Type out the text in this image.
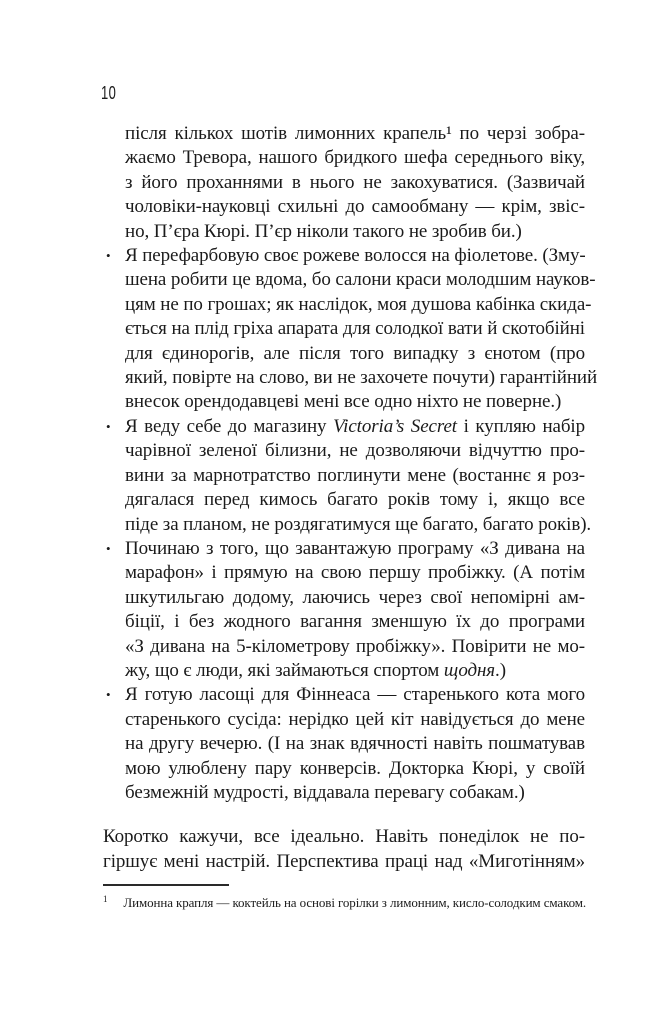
10
після кількох шотів лимонних крапель¹ по черзі зобра-
жаємо Тревора, нашого бридкого шефа середнього віку,
з його проханнями в нього не закохуватися. (Зазвичай
чоловіки-науковці схильні до самообману — крім, звіс-
но, П’єра Кюрі. П’єр ніколи такого не зробив би.)
• Я перефарбовую своє рожеве волосся на фіолетове. (Зму-
шена робити це вдома, бо салони краси молодшим науков-
цям не по грошах; як наслідок, моя душова кабінка скида-
ється на плід гріха апарата для солодкої вати й скотобійні
для єдинорогів, але після того випадку з єнотом (про
який, повірте на слово, ви не захочете почути) гарантійний
внесок орендодавцеві мені все одно ніхто не поверне.)
• Я веду себе до магазину Victoria’s Secret і купляю набір
чарівної зеленої білизни, не дозволяючи відчуттю про-
вини за марнотратство поглинути мене (востаннє я роз-
дягалася перед кимось багато років тому і, якщо все
піде за планом, не роздягатимуся ще багато, багато років).
• Починаю з того, що завантажую програму «З дивана на
марафон» і прямую на свою першу пробіжку. (А потім
шкутильгаю додому, лаючись через свої непомірні ам-
біції, і без жодного вагання зменшую їх до програми
«З дивана на 5-кілометрову пробіжку». Повірити не мо-
жу, що є люди, які займаються спортом щодня.)
• Я готую ласощі для Фіннеаса — старенького кота мого
старенького сусіда: нерідко цей кіт навідується до мене
на другу вечерю. (І на знак вдячності навіть пошматував
мою улюблену пару конверсів. Докторка Кюрі, у своїй
безмежній мудрості, віддавала перевагу собакам.)
Коротко кажучи, все ідеально. Навіть понеділок не по-
гіршує мені настрій. Перспектива праці над «Миготінням»
$^1$ Лимонна крапля — коктейль на основі горілки з лимонним, кисло-солодким смаком.
